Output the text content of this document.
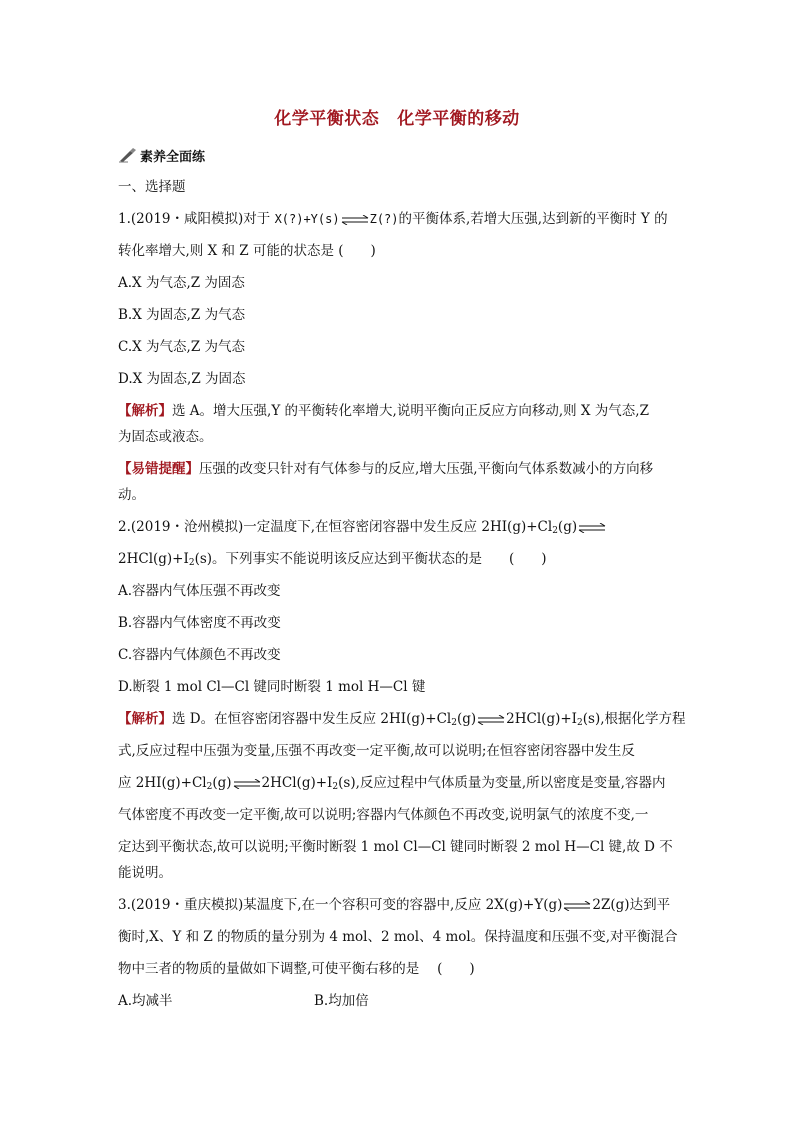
化学平衡状态 化学平衡的移动
素养全面练
一、选择题
1.(2019・咸阳模拟)对于 X(?)+Y(s)	Z(?)的平衡体系,若增大压强,达到新的平衡时 Y 的
转化率增大,则 X 和 Z 可能的状态是 (　　)
A.X 为气态,Z 为固态
B.X 为固态,Z 为气态
C.X 为气态,Z 为气态
D.X 为固态,Z 为固态
【解析】选 A。增大压强,Y 的平衡转化率增大,说明平衡向正反应方向移动,则 X 为气态,Z
为固态或液态。
【易错提醒】压强的改变只针对有气体参与的反应,增大压强,平衡向气体系数减小的方向移
动。
2.(2019・沧州模拟)一定温度下,在恒容密闭容器中发生反应 $2HI(g)+Cl_2(g)$
$2HCl(g)+I_2(s)$。下列事实不能说明该反应达到平衡状态的是　　(　　)
A.容器内气体压强不再改变
B.容器内气体密度不再改变
C.容器内气体颜色不再改变
D.断裂 1 mol Cl—Cl 键同时断裂 1 mol H—Cl 键
【解析】选 D。在恒容密闭容器中发生反应 $2HI(g)+Cl_2(g)$ $2HCl(g)+I_2(s)$,根据化学方程
式,反应过程中压强为变量,压强不再改变一定平衡,故可以说明;在恒容密闭容器中发生反
应 $2HI(g)+Cl_2(g)$ $2HCl(g)+I_2(s)$,反应过程中气体质量为变量,所以密度是变量,容器内
气体密度不再改变一定平衡,故可以说明;容器内气体颜色不再改变,说明氯气的浓度不变,一
定达到平衡状态,故可以说明;平衡时断裂 1 mol Cl—Cl 键同时断裂 2 mol H—Cl 键,故 D 不
能说明。
3.(2019・重庆模拟)某温度下,在一个容积可变的容器中,反应 2X(g)+Y(g) 2Z(g)达到平
衡时,X、Y 和 Z 的物质的量分别为 4 mol、2 mol、4 mol。保持温度和压强不变,对平衡混合
物中三者的物质的量做如下调整,可使平衡右移的是　 (　　)
A.均减半	B.均加倍
